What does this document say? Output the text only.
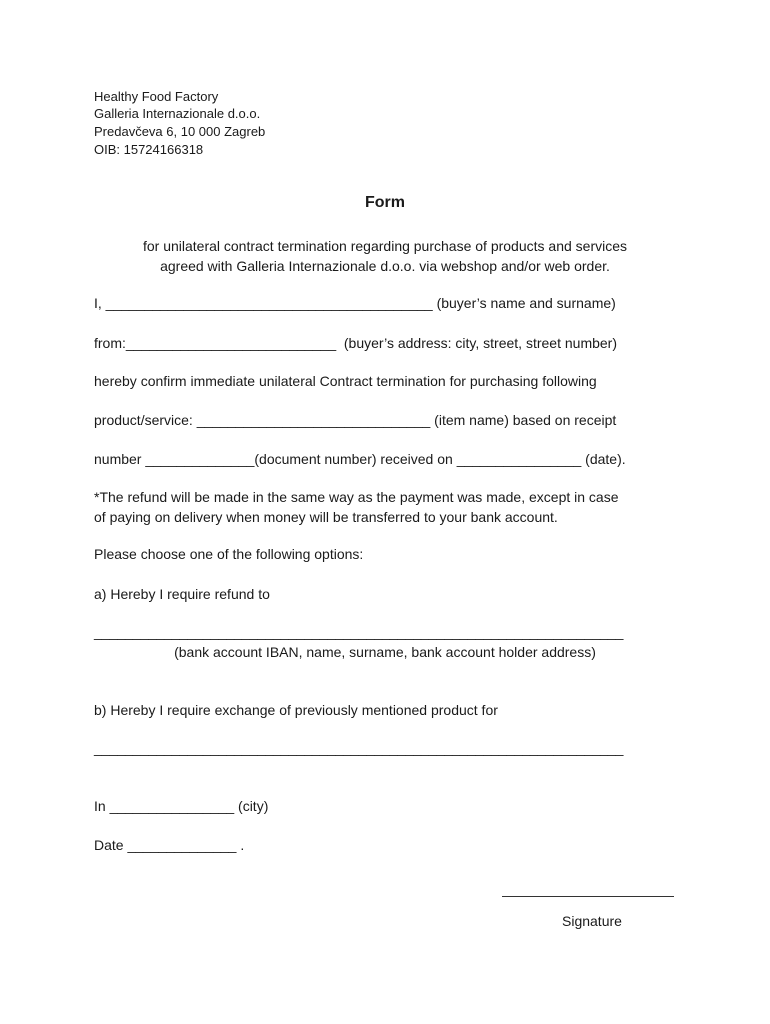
Healthy Food Factory
Galleria Internazionale d.o.o.
Predavčeva 6, 10 000 Zagreb
OIB: 15724166318
Form
for unilateral contract termination regarding purchase of products and services
agreed with Galleria Internazionale d.o.o. via webshop and/or web order.
I, __________________________________________ (buyer’s name and surname)
from:___________________________  (buyer’s address: city, street, street number)
hereby confirm immediate unilateral Contract termination for purchasing following
product/service: ______________________________ (item name) based on receipt
number ______________(document number) received on ________________ (date).
*The refund will be made in the same way as the payment was made, except in case
of paying on delivery when money will be transferred to your bank account.
Please choose one of the following options:
a) Hereby I require refund to
____________________________________________________________________
(bank account IBAN, name, surname, bank account holder address)
b) Hereby I require exchange of previously mentioned product for
____________________________________________________________________
In ________________ (city)
Date ______________ .
Signature
